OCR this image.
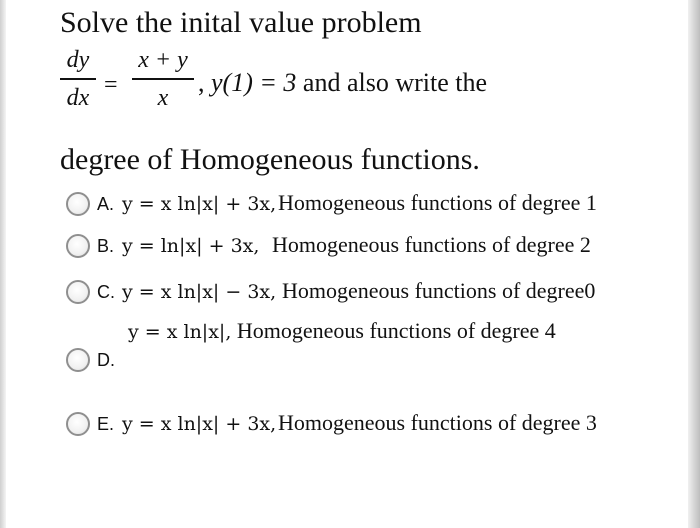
Solve the inital value problem
dy
dx =
x + y
x
, y(1) = 3 and also write the
degree of Homogeneous functions.
A. y = x ln|x| + 3x, Homogeneous functions of degree 1
B. y = ln|x| + 3x, Homogeneous functions of degree 2
C. y = x ln|x| − 3x, Homogeneous functions of degree0
y = x ln|x|, Homogeneous functions of degree 4
D.
E. y = x ln|x| + 3x, Homogeneous functions of degree 3
